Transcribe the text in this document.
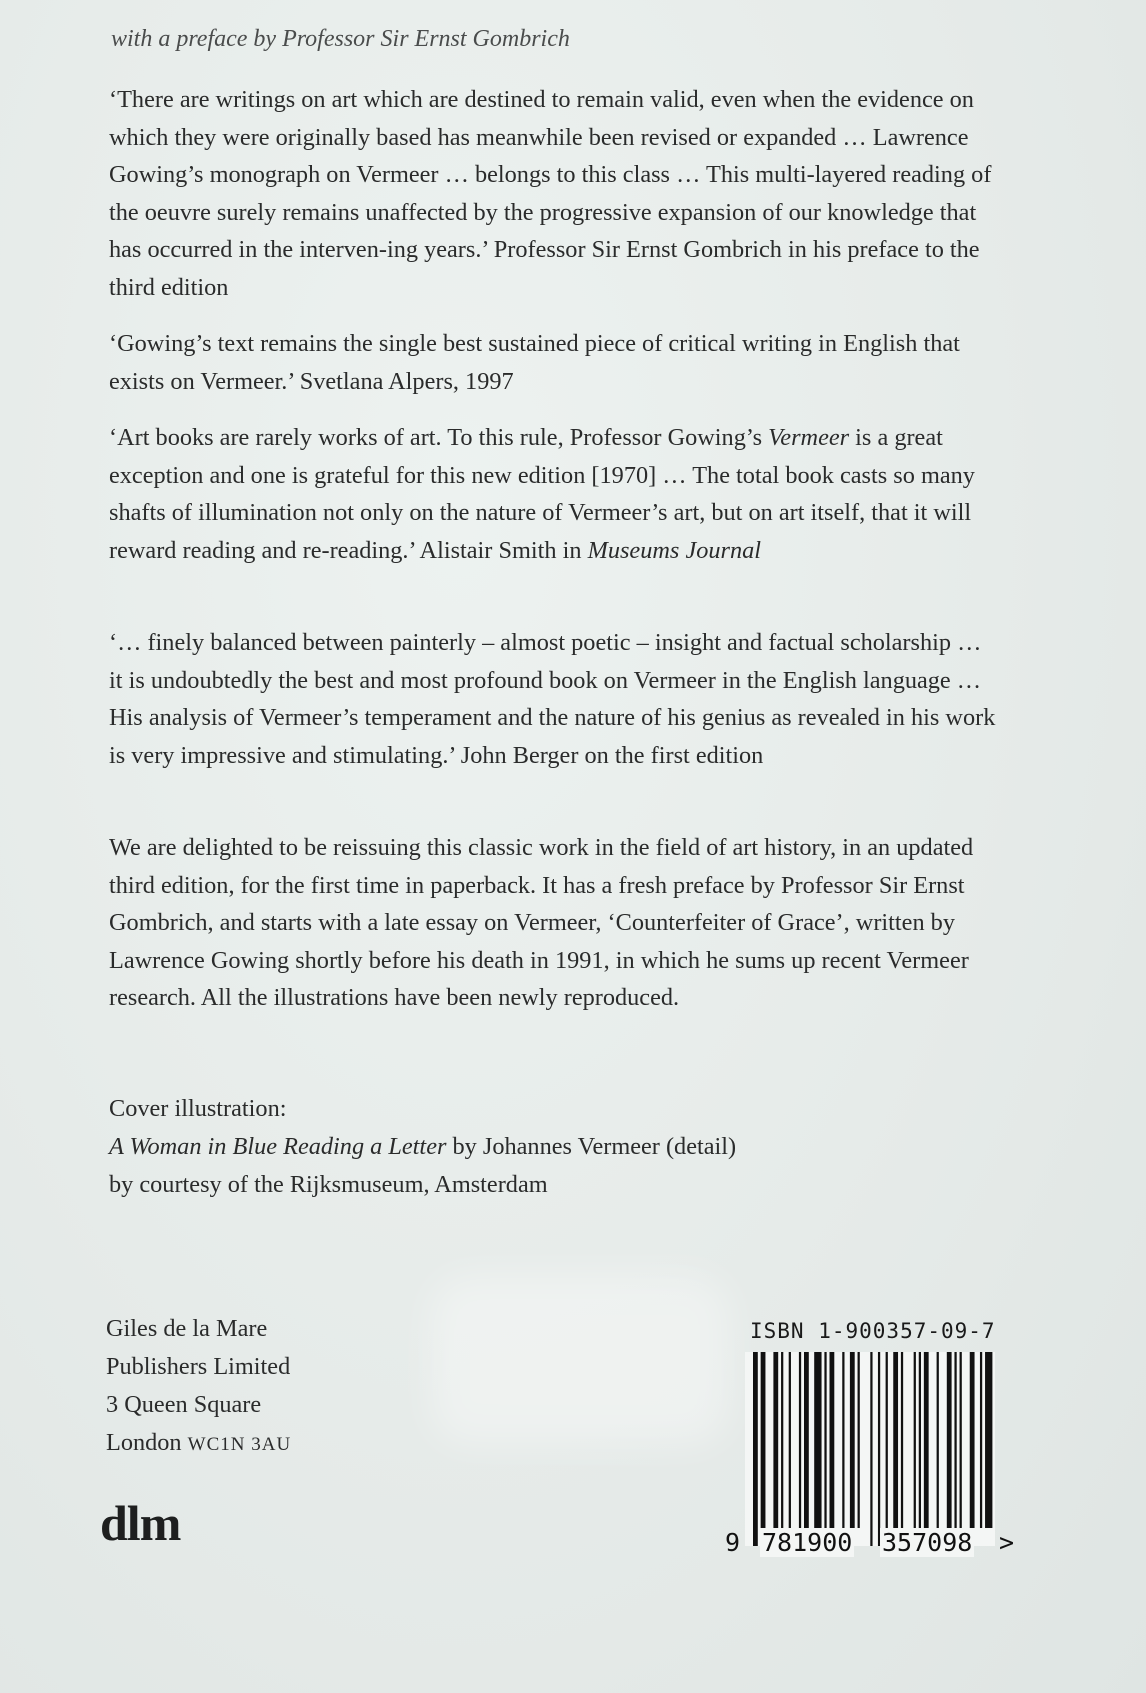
with a preface by Professor Sir Ernst Gombrich

‘There are writings on art which are destined to remain valid, even when the evidence on which they were originally based has meanwhile been revised or expanded … Lawrence Gowing’s monograph on Vermeer … belongs to this class … This multi-layered reading of the oeuvre surely remains unaffected by the progressive expansion of our knowledge that has occurred in the interven-ing years.’ Professor Sir Ernst Gombrich in his preface to the third edition

‘Gowing’s text remains the single best sustained piece of critical writing in English that exists on Vermeer.’ Svetlana Alpers, 1997

‘Art books are rarely works of art. To this rule, Professor Gowing’s Vermeer is a great exception and one is grateful for this new edition [1970] … The total book casts so many shafts of illumination not only on the nature of Vermeer’s art, but on art itself, that it will reward reading and re-reading.’ Alistair Smith in Museums Journal

‘… finely balanced between painterly – almost poetic – insight and factual scholarship … it is undoubtedly the best and most profound book on Vermeer in the English language … His analysis of Vermeer’s temperament and the nature of his genius as revealed in his work is very impressive and stimulating.’ John Berger on the first edition

We are delighted to be reissuing this classic work in the field of art history, in an updated third edition, for the first time in paperback. It has a fresh preface by Professor Sir Ernst Gombrich, and starts with a late essay on Vermeer, ‘Counterfeiter of Grace’, written by Lawrence Gowing shortly before his death in 1991, in which he sums up recent Vermeer research. All the illustrations have been newly reproduced.

Cover illustration:
A Woman in Blue Reading a Letter by Johannes Vermeer (detail)
by courtesy of the Rijksmuseum, Amsterdam
Giles de la Mare
Publishers Limited
3 Queen Square
London WC1N 3AU
dlm
ISBN 1-900357-09-7
9 781900 357098 >
